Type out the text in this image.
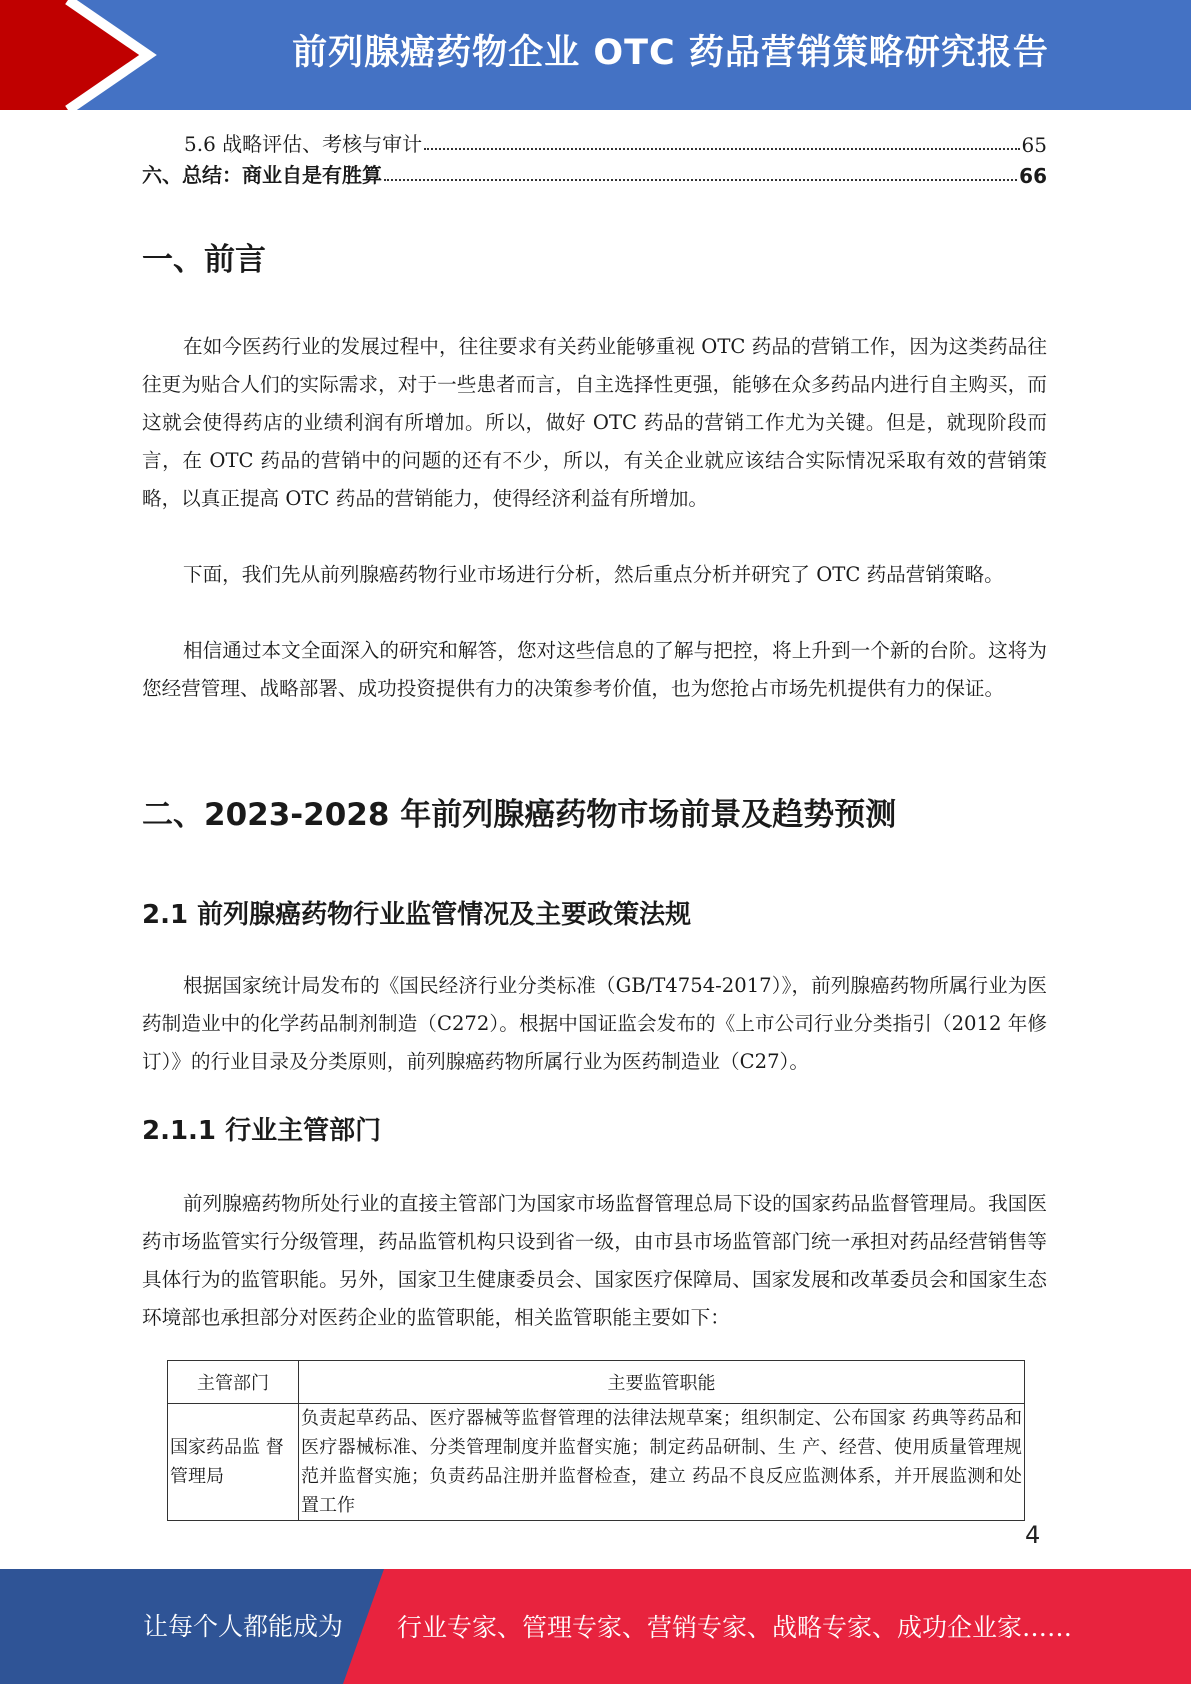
前列腺癌药物企业 OTC 药品营销策略研究报告
5.6 战略评估、考核与审计	65
六、总结：商业自是有胜算	66
一、前言

在如今医药行业的发展过程中，往往要求有关药业能够重视 OTC 药品的营销工作，因为这类药品往往更为贴合人们的实际需求，对于一些患者而言，自主选择性更强，能够在众多药品内进行自主购买，而这就会使得药店的业绩利润有所增加。所以，做好 OTC 药品的营销工作尤为关键。但是，就现阶段而言，在 OTC 药品的营销中的问题的还有不少，所以，有关企业就应该结合实际情况采取有效的营销策略，以真正提高 OTC 药品的营销能力，使得经济利益有所增加。

下面，我们先从前列腺癌药物行业市场进行分析，然后重点分析并研究了 OTC 药品营销策略。

相信通过本文全面深入的研究和解答，您对这些信息的了解与把控，将上升到一个新的台阶。这将为您经营管理、战略部署、成功投资提供有力的决策参考价值，也为您抢占市场先机提供有力的保证。

二、2023-2028 年前列腺癌药物市场前景及趋势预测
2.1 前列腺癌药物行业监管情况及主要政策法规

根据国家统计局发布的《国民经济行业分类标准（GB/T4754-2017）》，前列腺癌药物所属行业为医药制造业中的化学药品制剂制造（C272）。根据中国证监会发布的《上市公司行业分类指引（2012 年修订）》的行业目录及分类原则，前列腺癌药物所属行业为医药制造业（C27）。

2.1.1 行业主管部门

前列腺癌药物所处行业的直接主管部门为国家市场监督管理总局下设的国家药品监督管理局。我国医药市场监管实行分级管理，药品监管机构只设到省一级，由市县市场监管部门统一承担对药品经营销售等具体行为的监管职能。另外，国家卫生健康委员会、国家医疗保障局、国家发展和改革委员会和国家生态环境部也承担部分对医药企业的监管职能，相关监管职能主要如下：

主管部门	主要监管职能
国家药品监 督管理局	负责起草药品、医疗器械等监督管理的法律法规草案；组织制定、公布国家 药典等药品和医疗器械标准、分类管理制度并监督实施；制定药品研制、生 产、经营、使用质量管理规范并监督实施；负责药品注册并监督检查，建立 药品不良反应监测体系，并开展监测和处置工作
4
让每个人都能成为 行业专家、管理专家、营销专家、战略专家、成功企业家……
